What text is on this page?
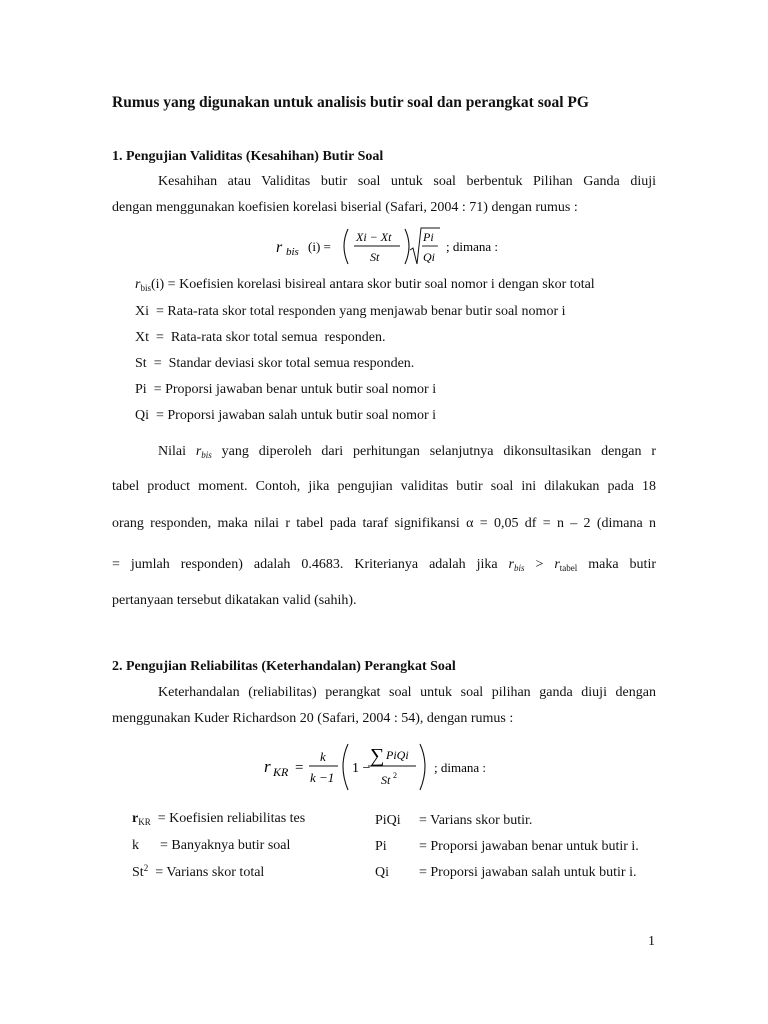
Rumus yang digunakan untuk analisis butir soal dan perangkat soal PG
1. Pengujian Validitas (Kesahihan) Butir Soal
Kesahihan atau Validitas butir soal untuk soal berbentuk Pilihan Ganda diuji
dengan menggunakan koefisien korelasi biserial (Safari, 2004 : 71) dengan rumus :
r bis (i) =
Xi − Xt
St
Pi
Qi
; dimana :
$r_{bis}(i)$ = Koefisien korelasi bisireal antara skor butir soal nomor i dengan skor total
Xi  = Rata-rata skor total responden yang menjawab benar butir soal nomor i
Xt  =  Rata-rata skor total semua  responden.
St  =  Standar deviasi skor total semua responden.
Pi  = Proporsi jawaban benar untuk butir soal nomor i
Qi  = Proporsi jawaban salah untuk butir soal nomor i
Nilai $r_{bis}$ yang diperoleh dari perhitungan selanjutnya dikonsultasikan dengan r
tabel product moment. Contoh, jika pengujian validitas butir soal ini dilakukan pada 18
orang responden, maka nilai r tabel pada taraf signifikansi α = 0,05 df = n – 2 (dimana n
= jumlah responden) adalah 0.4683. Kriterianya adalah jika $r_{bis} > r_{tabel}$ maka butir
pertanyaan tersebut dikatakan valid (sahih).
2. Pengujian Reliabilitas (Keterhandalan) Perangkat Soal
Keterhandalan (reliabilitas) perangkat soal untuk soal pilihan ganda diuji dengan
menggunakan Kuder Richardson 20 (Safari, 2004 : 54), dengan rumus :
r KR =
k
k −1
1 −
∑ PiQi
St 2
; dimana :
$r_{KR}$  = Koefisien reliabilitas tes
k      = Banyaknya butir soal
St$^2$  = Varians skor total
PiQi = Varians skor butir.
Pi = Proporsi jawaban benar untuk butir i.
Qi = Proporsi jawaban salah untuk butir i.
1
